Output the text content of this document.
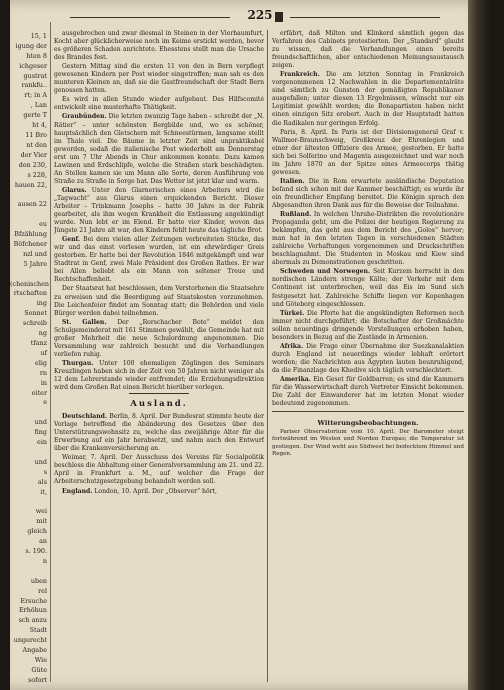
15, 1
igung der
hten 8
ichgeser
gustrat
rankfu..
rt; in A
, Lan
gerte T
ht 4,
11 Bro
nt den
der Vier
den 230,
s 228,
hauen 22,

ausen 22

eu
Bfzählung
Böfchener
nzl und
5 Jahre

(chenischen
rtschaften
ing
Sonnet
schreib
ng
tfanz
uf
elig
rn
in
eiter
e

und
fing
ein

und
s
als
it,

wei
mit
gleich
an
s. 190.
n

uben
rel
Ersuche
Erhöhun
sch anzu
Stadt
ungerecht
Angabe
Wie
Güte
sofort
225

ausgebrochen und zwar diesmal in Steinen in der Vierhaumfurt, Kocht aber glücklicherweise noch im Keime erstickt werden, bevor es größeren Schaden anrichtete. Ehesstens stellt man die Ursache des Brandes fest.

Gestern Mittag sind die ersten 11 von den in Bern verpflegt gewesenen Kindern per Post wieder eingetroffen; man sah es den munteren Kleinen an, daß sie die Gastfreundschaft der Stadt Bern genossen hatten.

Es wird in allen Stunde wieder aufgebaut. Das Hilfscomité entwickelt eine musterhafte Thätigkeit.

Graubünden. Die letzten zwanzig Tage haben – schreibt der „N. Rätier“ – unter schönsten Bergbilde und, wo es schöner, hauptsächlich den Gletschern mit Schneestürmen, langsame stellt im Thale viel. Die Bäume in letzter Zeit sind unpraktikabel geworden, sodaß die italienische Post wiederholt am Donnerstag erst um 7 Uhr Abends in Chur ankommen konnte. Dazu kamen Lawinen und Erdschlipfe, welche die Straßen stark beschädigten. An Stellen kamen sie um Mann alle Sorte, deren Ausführung von Straße zu Straße in Sorge hat. Das Wetter ist jetzt klar und warm.

Glarus. Unter den Glarnerischen eines Arbeiters wird die „Tagwacht“ aus Glarus einen erquickenden Bericht. Dieser Arbeiter – Trinkmann Josephs – hatte 30 Jahre in der Fabrik gearbeitet, als ihm wegen Krankheit die Entlassung angekündigt wurde. Nun lebt er im Elend. Er hatte vier Kinder, wovon das Jüngste 21 Jahre alt war, den Kindern fehlt heute das tägliche Brot.

Genf. Bei dem vielen aller Zeitungen verbreiteten Stücke, das wir und das einst verlesen wurden, ist ein ehrwürdiger Greis gestorben. Er hatte bei der Revolution 1846 mitgekämpft und war Stadtrat in Genf, zwei Male Präsident des Großen Rathes. Er war bei Allen beliebt als ein Mann von seltener Treue und Rechtschaffenheit.

Der Staatsrat hat beschlossen, dem Verstorbenen die Staatsehre zu erweisen und die Beerdigung auf Staatskosten vorzunehmen. Die Leichenfeier findet am Sonntag statt; die Behörden und viele Bürger werden dabei teilnehmen.

St. Gallen. Der „Rorschacher Bote“ meldet den Schulgemeinderat mit 161 Stimmen gewählt, die Gemeinde hat mit großer Mehrheit die neue Schulordnung angenommen. Die Versammlung war zahlreich besucht und die Verhandlungen verliefen ruhig.

Thurgau. Unter 100 ehemaligen Zöglingen des Seminars Kreuzlingen haben sich in der Zeit von 50 Jahren nicht weniger als 12 dem Lehrerstande wieder entfremdet; die Erziehungsdirektion wird dem Großen Rat einen Bericht hierüber vorlegen.

Ausland.

Deutschland. Berlin, 8. April. Der Bundesrat stimmte heute der Vorlage betreffend die Abänderung des Gesetzes über den Unterstützungswohnsitz zu, welche das zweijährige Alter für die Erwerbung auf ein Jahr herabsetzt, und nahm auch den Entwurf über die Krankenversicherung an.

Weimar, 7. April. Der Ausschuss des Vereins für Socialpolitik beschloss die Abhaltung einer Generalversammlung am 21. und 22. April in Frankfurt a. M., auf welcher die Frage der Arbeiterschutzgesetzgebung behandelt werden soll.

England. London, 10. April. Der „Observer“ hört,

erfährt, daß Milton und Klinkerd sämtlich gegen das Verfahren des Cabinets protestierten. Der „Standard“ glaubt zu wissen, daß die Verhandlungen einen bereits freundschaftlichen, aber entschiedenen Meinungsaustausch zeigen.

Frankreich. Die am letzten Sonntag in Frankreich vorgenommenen 12 Nachwahlen in die Departementalräte sind sämtlich zu Gunsten der gemäßigten Republikaner ausgefallen; unter diesen 13 Ergebnissen, wünscht nur ein Legitimist gewählt worden; die Bonapartisten haben nicht einen einzigen Sitz erobert. Auch in der Hauptstadt hatten die Radikalen nur geringen Erfolg.

Paris, 8. April. In Paris ist der Divisionsgeneral Graf v. Wallmer-Braunschweig, Großkreuz der Ehrenlegion und einer der ältesten Offiziere des Armee, gestorben. Er hatte sich bei Solferino und Magenta ausgezeichnet und war noch im Jahre 1870 an der Spitze eines Armeecorps thätig gewesen.

Italien. Die in Rom erwartete ausländische Deputation befand sich schon mit der Kammer beschäftigt; es wurde ihr ein freundlicher Empfang bereitet. Die Königin sprach den Abgesandten ihren Dank aus für die Beweise der Teilnahme.

Rußland. In welchen Unruhe-Distrikten die revolutionäre Propaganda geht, um die Polizei der heutigen Regierung zu bekämpfen, das geht aus dem Bericht des „Golos“ hervor; man hat in den letzten Tagen in verschiedenen Städten zahlreiche Verhaftungen vorgenommen und Druckschriften beschlagnahmt. Die Studenten in Moskau und Kiew sind abermals zu Demonstrationen geschritten.

Schweden und Norwegen. Seit Kurzem herrscht in den nordischen Ländern strenge Kälte; der Verkehr mit dem Continent ist unterbrochen, weil das Eis im Sund sich festgesetzt hat. Zahlreiche Schiffe liegen vor Kopenhagen und Göteborg eingeschlossen.

Türkei. Die Pforte hat die angekündigten Reformen noch immer nicht durchgeführt; die Botschafter der Großmächte sollen neuerdings dringende Vorstellungen erhoben haben, besonders in Bezug auf die Zustände in Armenien.

Afrika. Die Frage einer Übernahme der Suezkanalaktien durch England ist neuerdings wieder lebhaft erörtert worden; die Nachrichten aus Ägypten lauten beunruhigend, da die Finanzlage des Khedive sich täglich verschlechtert.

Amerika. Ein Geset für Goldbarren; es sind die Kammern für die Wasserwirtschaft durch Vertreter Einsicht bekommen. Die Zahl der Einwanderer hat im letzten Monat wieder bedeutend zugenommen.

Witterungsbeobachtungen.

Pariser Observatorium vom 10. April. Der Barometer steigt fortwährend im Westen und Norden Europas; die Temperatur ist gestiegen. Der Wind weht aus Südwest bei bedecktem Himmel und Regen.
